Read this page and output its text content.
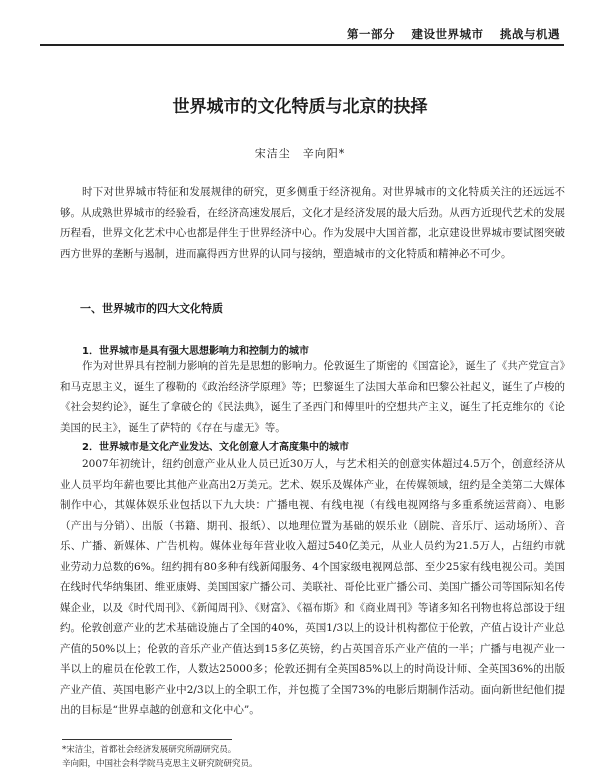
第一部分 建设世界城市 挑战与机遇
世界城市的文化特质与北京的抉择
宋洁尘　辛向阳*

时下对世界城市特征和发展规律的研究，更多侧重于经济视角。对世界城市的文化特质关注的还远远不够。从成熟世界城市的经验看，在经济高速发展后，文化才是经济发展的最大后劲。从西方近现代艺术的发展历程看，世界文化艺术中心也都是伴生于世界经济中心。作为发展中大国首都，北京建设世界城市要试图突破西方世界的垄断与遏制，进而赢得西方世界的认同与接纳，塑造城市的文化特质和精神必不可少。

一、世界城市的四大文化特质
1．世界城市是具有强大思想影响力和控制力的城市

作为对世界具有控制力影响的首先是思想的影响力。伦敦诞生了斯密的《国富论》，诞生了《共产党宣言》和马克思主义，诞生了穆勒的《政治经济学原理》等；巴黎诞生了法国大革命和巴黎公社起义，诞生了卢梭的《社会契约论》，诞生了拿破仑的《民法典》，诞生了圣西门和傅里叶的空想共产主义，诞生了托克维尔的《论美国的民主》，诞生了萨特的《存在与虚无》等。

2．世界城市是文化产业发达、文化创意人才高度集中的城市

2007年初统计，纽约创意产业从业人员已近30万人，与艺术相关的创意实体超过4.5万个，创意经济从业人员平均年薪也要比其他产业高出2万美元。艺术、娱乐及媒体产业，在传媒领域，纽约是全美第二大媒体制作中心，其媒体娱乐业包括以下九大块：广播电视、有线电视（有线电视网络与多重系统运营商）、电影（产出与分销）、出版（书籍、期刊、报纸）、以地理位置为基础的娱乐业（剧院、音乐厅、运动场所）、音乐、广播、新媒体、广告机构。媒体业每年营业收入超过540亿美元，从业人员约为21.5万人，占纽约市就业劳动力总数的6%。纽约拥有80多种有线新闻服务、4个国家级电视网总部、至少25家有线电视公司。美国在线时代华纳集团、维亚康姆、美国国家广播公司、美联社、哥伦比亚广播公司、美国广播公司等国际知名传媒企业，以及《时代周刊》、《新闻周刊》、《财富》、《福布斯》和《商业周刊》等诸多知名刊物也将总部设于纽约。伦敦创意产业的艺术基础设施占了全国的40%，英国1/3以上的设计机构都位于伦敦，产值占设计产业总产值的50%以上；伦敦的音乐产业产值达到15多亿英镑，约占英国音乐产业产值的一半；广播与电视产业一半以上的雇员在伦敦工作，人数达25000多；伦敦还拥有全英国85%以上的时尚设计师、全英国36%的出版产业产值、英国电影产业中2/3以上的全职工作，并包揽了全国73%的电影后期制作活动。面向新世纪他们提出的目标是“世界卓越的创意和文化中心”。

*宋洁尘，首都社会经济发展研究所副研究员。
辛向阳，中国社会科学院马克思主义研究院研究员。
